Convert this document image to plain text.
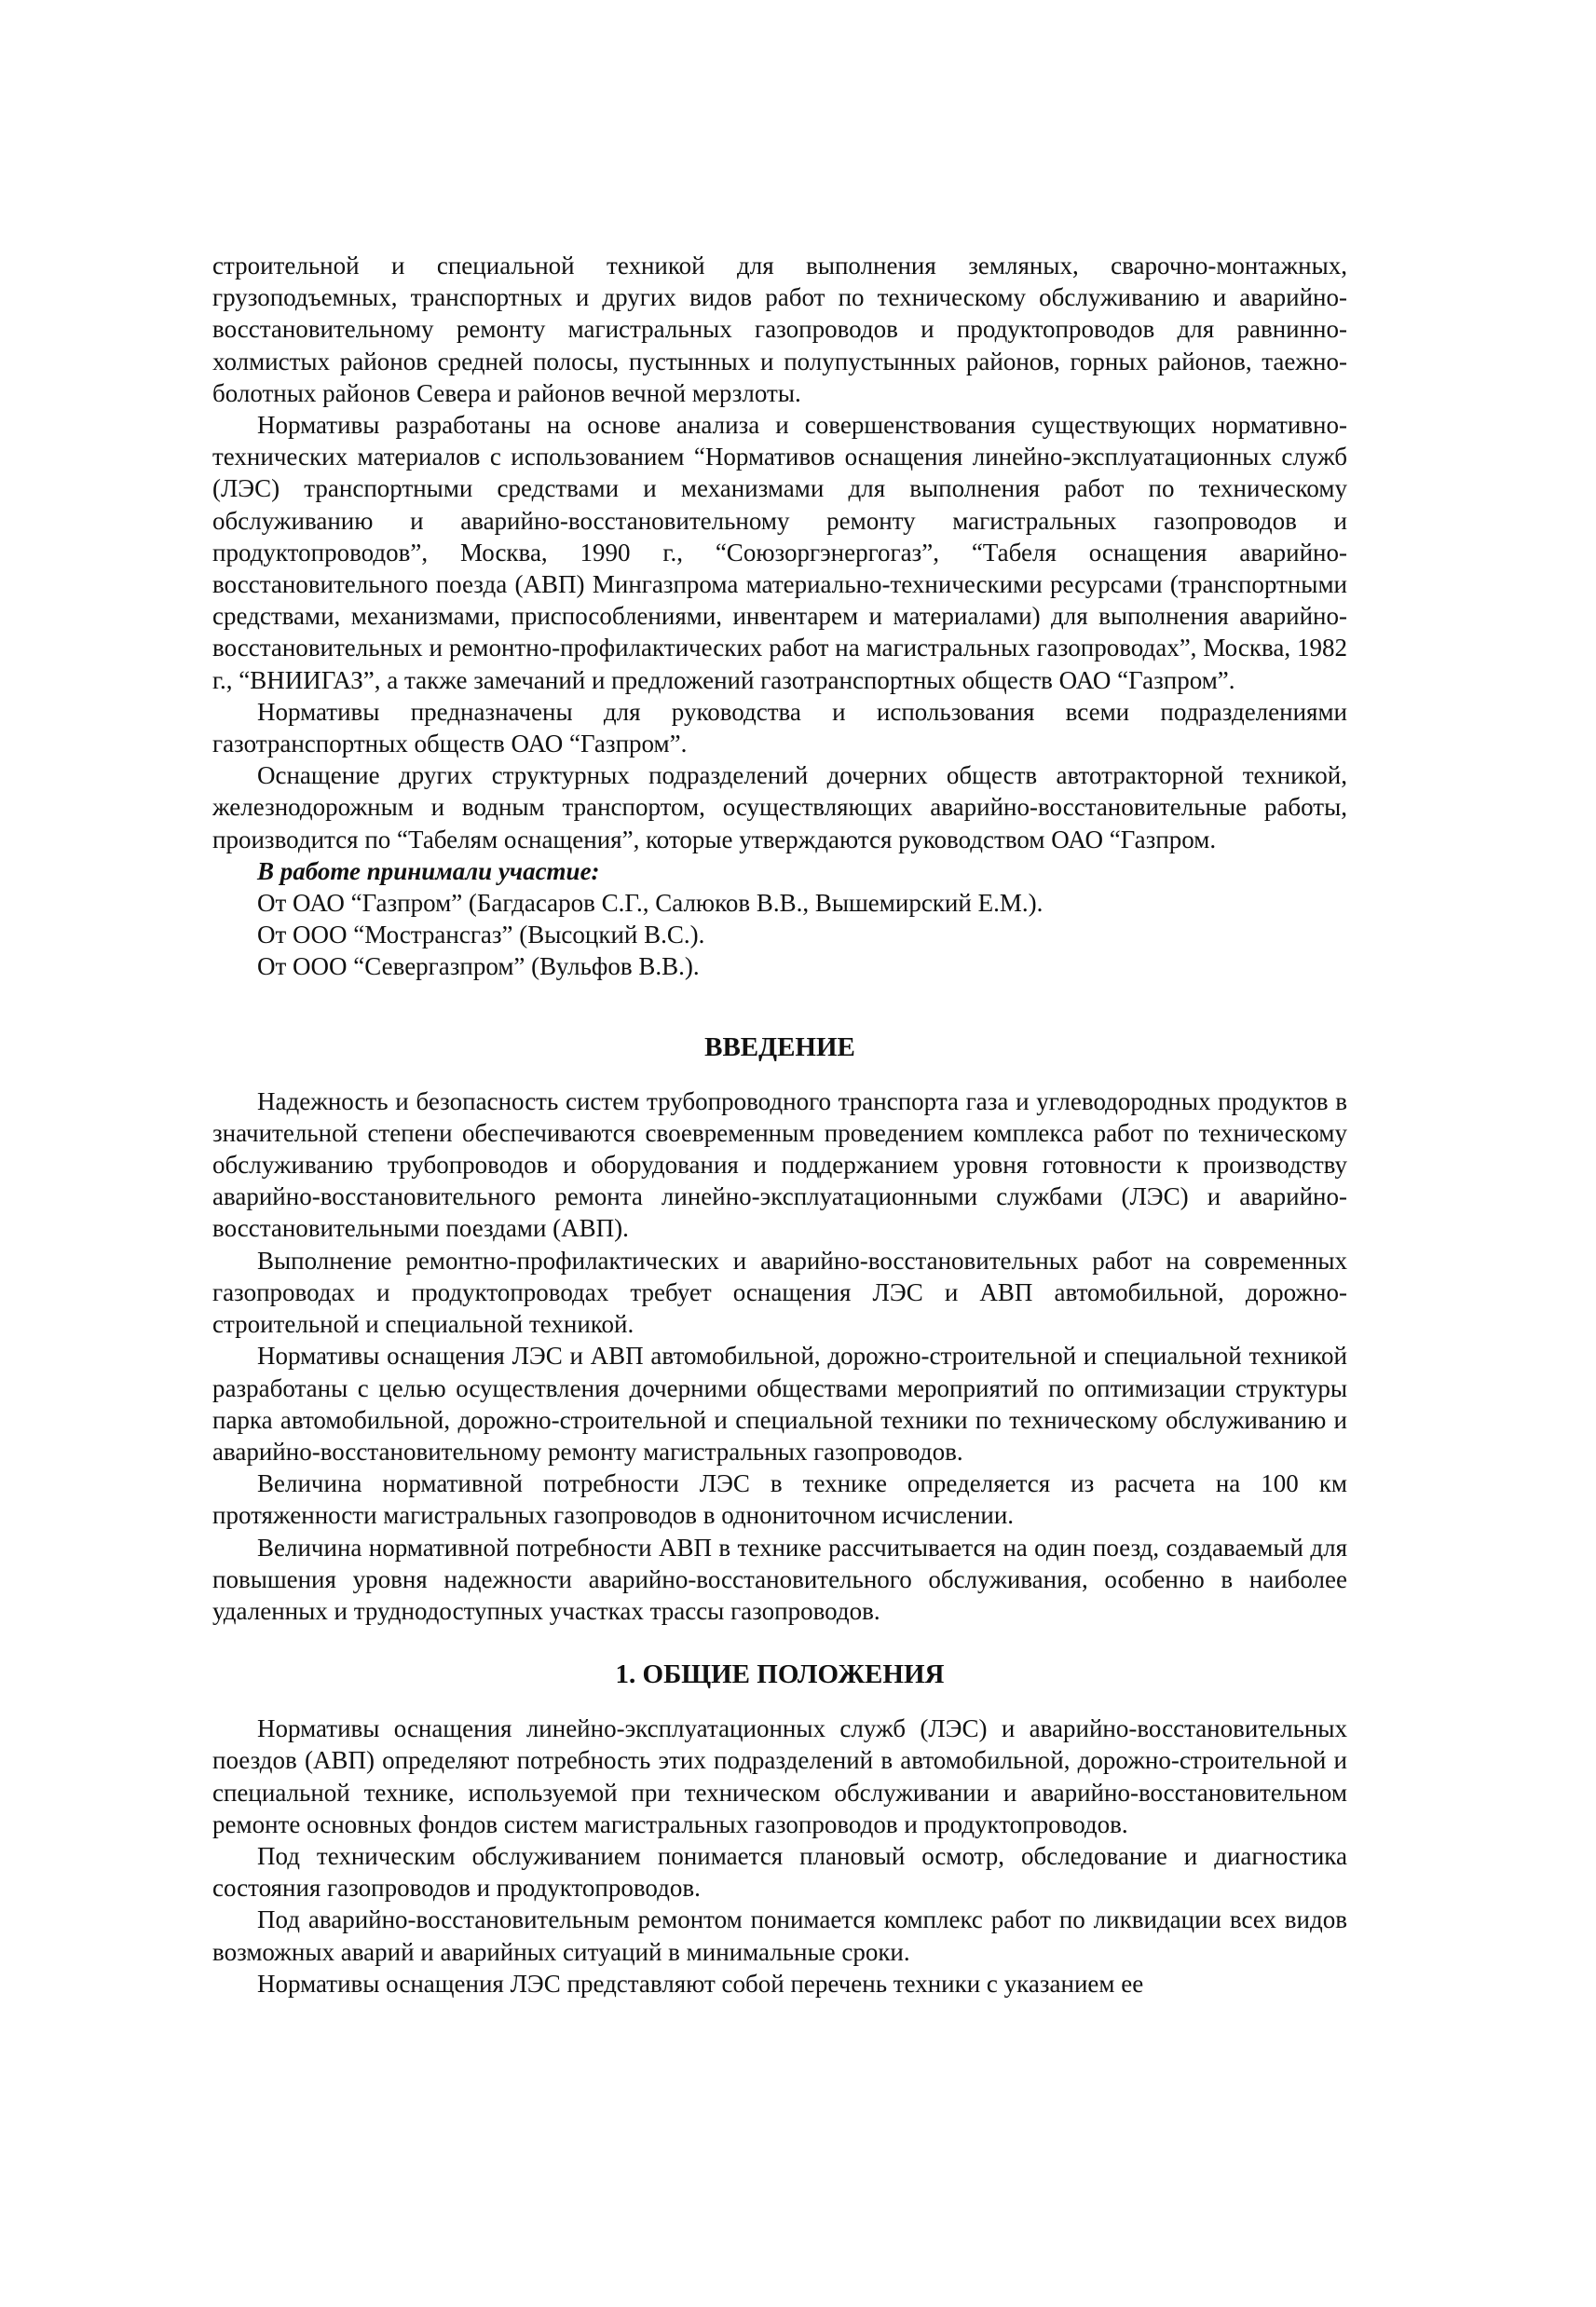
строительной и специальной техникой для выполнения земляных, сварочно-монтажных, грузоподъемных, транспортных и других видов работ по техническому обслуживанию и аварийно-восстановительному ремонту магистральных газопроводов и продуктопроводов для равнинно-холмистых районов средней полосы, пустынных и полупустынных районов, горных районов, таежно-болотных районов Севера и районов вечной мерзлоты.

Нормативы разработаны на основе анализа и совершенствования существующих нормативно-технических материалов с использованием “Нормативов оснащения линейно-эксплуатационных служб (ЛЭС) транспортными средствами и механизмами для выполнения работ по техническому обслуживанию и аварийно-восстановительному ремонту магистральных газопроводов и продуктопроводов”, Москва, 1990 г., “Союзоргэнергогаз”, “Табеля оснащения аварийно-восстановительного поезда (АВП) Мингазпрома материально-техническими ресурсами (транспортными средствами, механизмами, приспособлениями, инвентарем и материалами) для выполнения аварийно-восстановительных и ремонтно-профилактических работ на магистральных газопроводах”, Москва, 1982 г., “ВНИИГАЗ”, а также замечаний и предложений газотранспортных обществ ОАО “Газпром”.

Нормативы предназначены для руководства и использования всеми подразделениями газотранспортных обществ ОАО “Газпром”.

Оснащение других структурных подразделений дочерних обществ автотракторной техникой, железнодорожным и водным транспортом, осуществляющих аварийно-восстановительные работы, производится по “Табелям оснащения”, которые утверждаются руководством ОАО “Газпром.

В работе принимали участие:
От ОАО “Газпром” (Багдасаров С.Г., Салюков В.В., Вышемирский Е.М.).
От ООО “Мострансгаз” (Высоцкий В.С.).
От ООО “Севергазпром” (Вульфов В.В.).
ВВЕДЕНИЕ

Надежность и безопасность систем трубопроводного транспорта газа и углеводородных продуктов в значительной степени обеспечиваются своевременным проведением комплекса работ по техническому обслуживанию трубопроводов и оборудования и поддержанием уровня готовности к производству аварийно-восстановительного ремонта линейно-эксплуатационными службами (ЛЭС) и аварийно-восстановительными поездами (АВП).

Выполнение ремонтно-профилактических и аварийно-восстановительных работ на современных газопроводах и продуктопроводах требует оснащения ЛЭС и АВП автомобильной, дорожно-строительной и специальной техникой.

Нормативы оснащения ЛЭС и АВП автомобильной, дорожно-строительной и специальной техникой разработаны с целью осуществления дочерними обществами мероприятий по оптимизации структуры парка автомобильной, дорожно-строительной и специальной техники по техническому обслуживанию и аварийно-восстановительному ремонту магистральных газопроводов.

Величина нормативной потребности ЛЭС в технике определяется из расчета на 100 км протяженности магистральных газопроводов в однониточном исчислении.

Величина нормативной потребности АВП в технике рассчитывается на один поезд, создаваемый для повышения уровня надежности аварийно-восстановительного обслуживания, особенно в наиболее удаленных и труднодоступных участках трассы газопроводов.

1. ОБЩИЕ ПОЛОЖЕНИЯ

Нормативы оснащения линейно-эксплуатационных служб (ЛЭС) и аварийно-восстановительных поездов (АВП) определяют потребность этих подразделений в автомобильной, дорожно-строительной и специальной технике, используемой при техническом обслуживании и аварийно-восстановительном ремонте основных фондов систем магистральных газопроводов и продуктопроводов.

Под техническим обслуживанием понимается плановый осмотр, обследование и диагностика состояния газопроводов и продуктопроводов.

Под аварийно-восстановительным ремонтом понимается комплекс работ по ликвидации всех видов возможных аварий и аварийных ситуаций в минимальные сроки.

Нормативы оснащения ЛЭС представляют собой перечень техники с указанием ее
